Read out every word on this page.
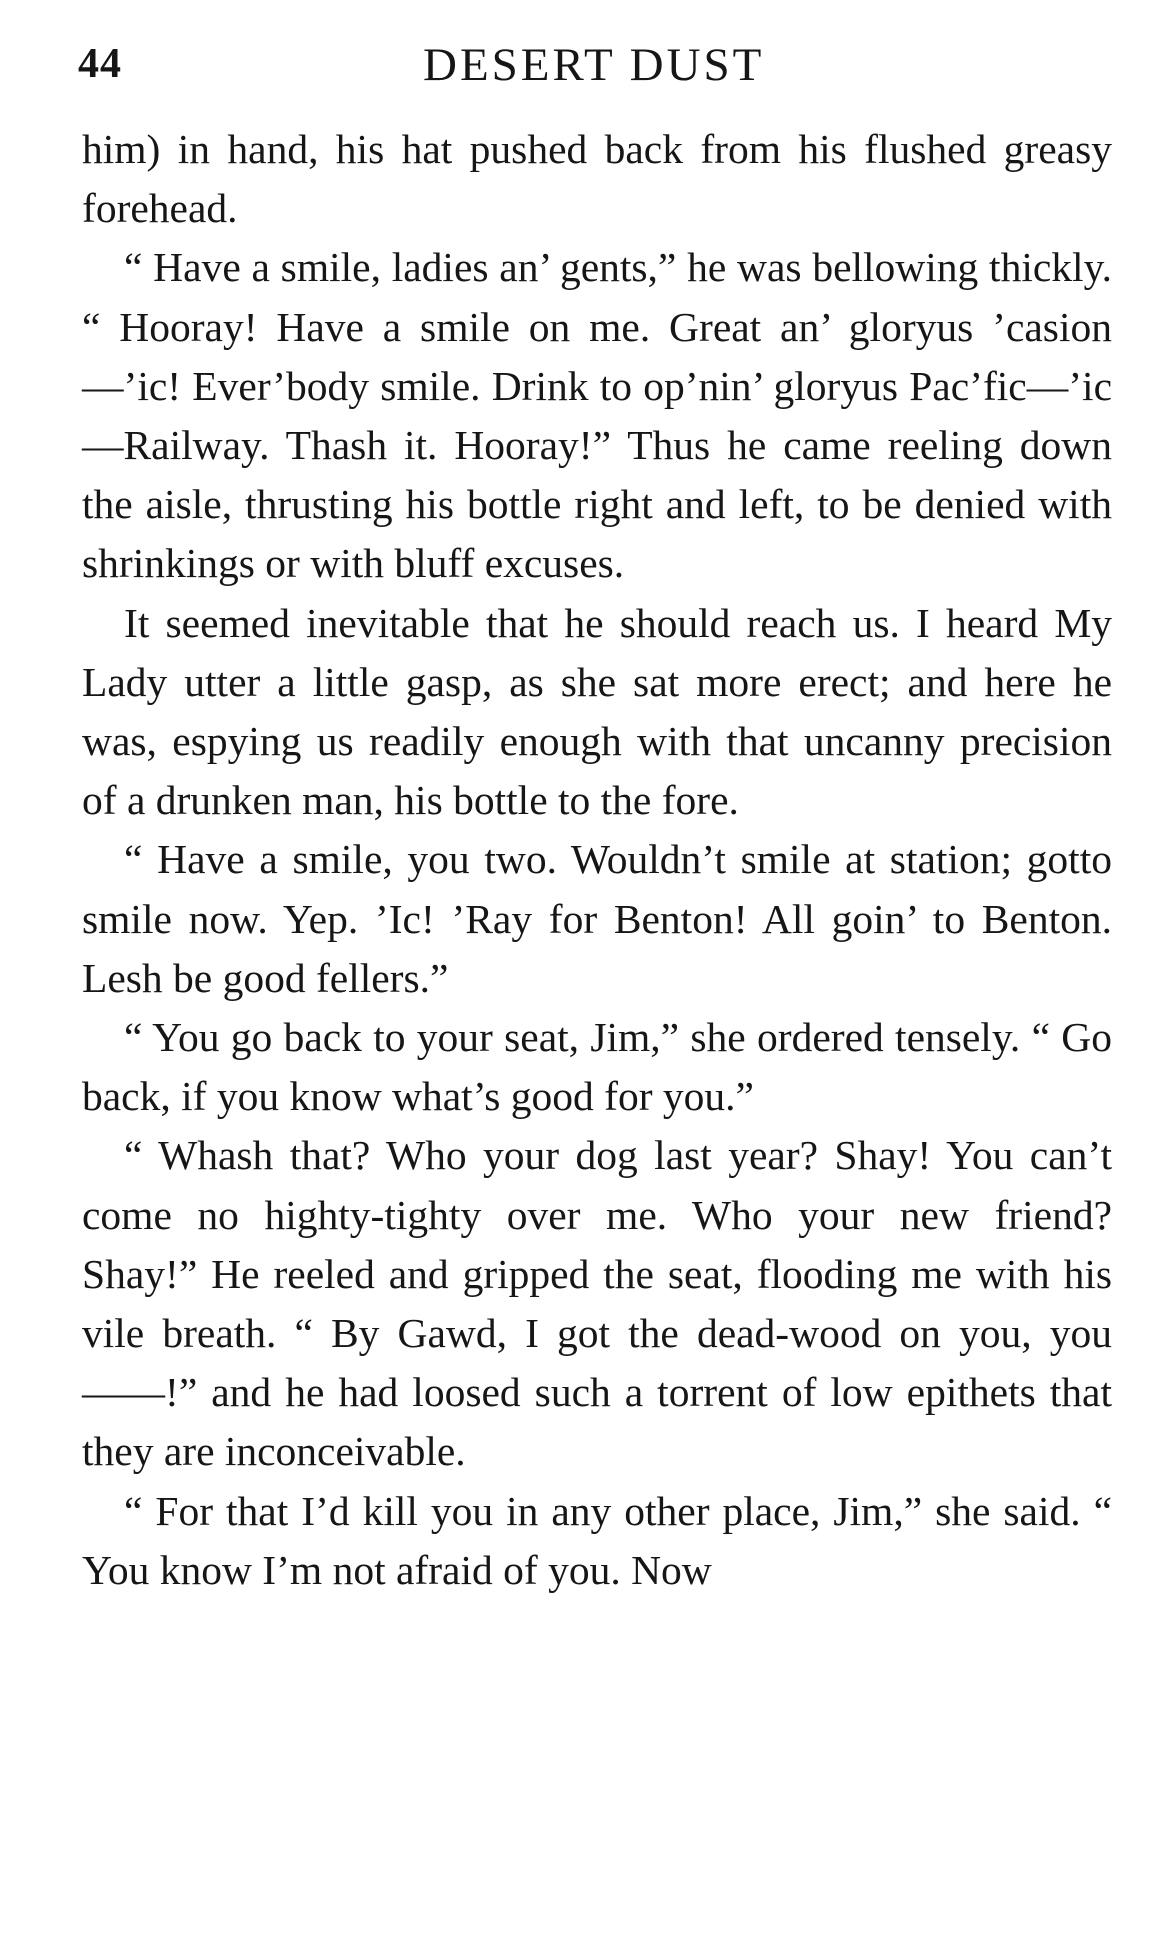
44	DESERT DUST

him) in hand, his hat pushed back from his flushed greasy forehead.

“ Have a smile, ladies an’ gents,” he was bellowing thickly. “ Hooray! Have a smile on me. Great an’ gloryus ’casion—’ic! Ever’body smile. Drink to op’nin’ gloryus Pac’fic—’ic—Railway. Thash it. Hooray!” Thus he came reeling down the aisle, thrusting his bottle right and left, to be denied with shrinkings or with bluff excuses.

It seemed inevitable that he should reach us. I heard My Lady utter a little gasp, as she sat more erect; and here he was, espying us readily enough with that uncanny precision of a drunken man, his bottle to the fore.

“ Have a smile, you two. Wouldn’t smile at station; gotto smile now. Yep. ’Ic! ’Ray for Benton! All goin’ to Benton. Lesh be good fellers.”

“ You go back to your seat, Jim,” she ordered tensely. “ Go back, if you know what’s good for you.”

“ Whash that? Who your dog last year? Shay! You can’t come no highty-tighty over me. Who your new friend? Shay!” He reeled and gripped the seat, flooding me with his vile breath. “ By Gawd, I got the dead-wood on you, you ——!” and he had loosed such a torrent of low epithets that they are inconceivable.

“ For that I’d kill you in any other place, Jim,” she said. “ You know I’m not afraid of you. Now
